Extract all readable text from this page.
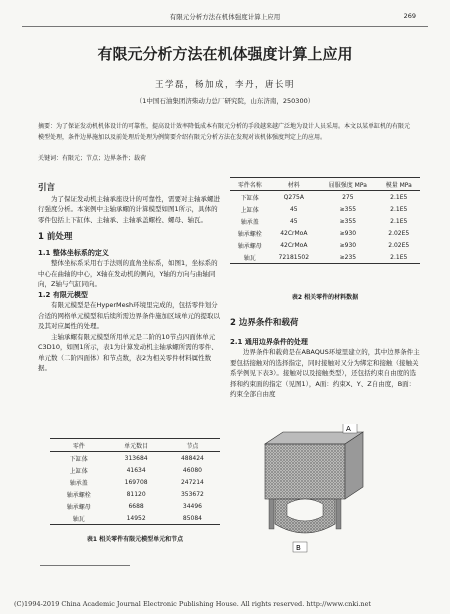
有限元分析方法在机体强度计算上应用	269
有限元分析方法在机体强度计算上应用
王学磊，杨加成，李丹，唐长明
（1中国石油集团济柴动力总厂研究院，山东济南，250300）
摘要：为了保证发动机机体设计的可靠性，提高设计效率降低成本有限元分析的手段越来越广泛地为设计人员采用。本文以某单缸机的有限元模型处理，条件边界施加以及前处理后处理为例简要介绍有限元分析方法在发现对该机体强度判定上的应用。
关键词：有限元；节点；边界条件；载荷
引言

为了保证发动机主轴承座设计的可靠性，需要对主轴承螺进行强度分析。本案例中主轴承螺的计算模型如图1所示，具体的零件包括上下缸体、主轴承、主轴承盖螺栓、螺母、轴瓦。

1 前处理
1.1 整体坐标系的定义

整体坐标系采用右手法则的直角坐标系，如图1，坐标系的中心在曲轴的中心，X轴在发动机的侧向，Y轴的方向与曲轴同向，Z轴与气缸同向。

1.2 有限元模型

有限元模型是在HyperMesh环境里完成的，包括零件划分合适的网格单元模型和后续所需边界条件施加区域单元的提取以及其对应属性的处理。

主轴承螺有限元模型所用单元是二阶的10节点四面体单元C3D10，如图1所示，表1为计算发动机主轴承螺所需的零件、单元数（二阶四面体）和节点数，表2为相关零件材料属性数据。

零件	单元数目	节点
下缸体	313684	488424
上缸体	41634	46080
轴承盖	169708	247214
轴承螺栓	81120	353672
轴承螺母	6688	34496
轴瓦	14952	85084
表1 相关零件有限元模型单元和节点
零件名称	材料	屈服强度 MPa	模量 MPa
下缸体	Q275A	275	2.1E5
上缸体	45	≥355	2.1E5
轴承盖	45	≥355	2.1E5
轴承螺栓	42CrMoA	≥930	2.02E5
轴承螺母	42CrMoA	≥930	2.02E5
轴瓦	72181502	≥235	2.1E5
表2 相关零件的材料数据
2 边界条件和载荷
2.1 通用边界条件的处理

边界条件和载荷是在ABAQUS环境里建立的，其中边界条件主要包括接触对的选择指定，同时接触对又分为绑定和接触（接触关系学例见下表3）。接触对以及接触类型），还包括约束自由度的选择和约束面的指定（见图1），A面：约束X、Y、Z自由度，B面：约束全部自由度

A
B
(C)1994-2019 China Academic Journal Electronic Publishing House. All rights reserved. http://www.cnki.net
